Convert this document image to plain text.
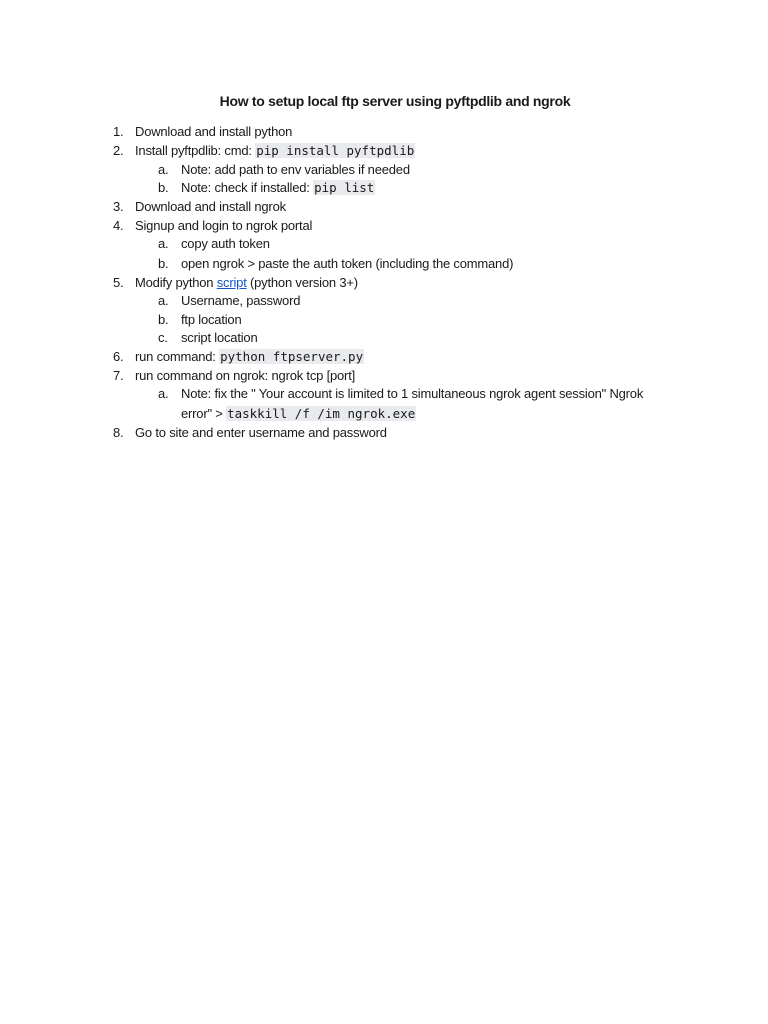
How to setup local ftp server using pyftpdlib and ngrok
1. Download and install python
2. Install pyftpdlib: cmd: pip install pyftpdlib
a. Note: add path to env variables if needed
b. Note: check if installed: pip list
3. Download and install ngrok
4. Signup and login to ngrok portal
a. copy auth token
b. open ngrok > paste the auth token (including the command)
5. Modify python script (python version 3+)
a. Username, password
b. ftp location
c. script location
6. run command: python ftpserver.py
7. run command on ngrok: ngrok tcp [port]
a. Note: fix the " Your account is limited to 1 simultaneous ngrok agent session" Ngrok
error" > taskkill /f /im ngrok.exe
8. Go to site and enter username and password
